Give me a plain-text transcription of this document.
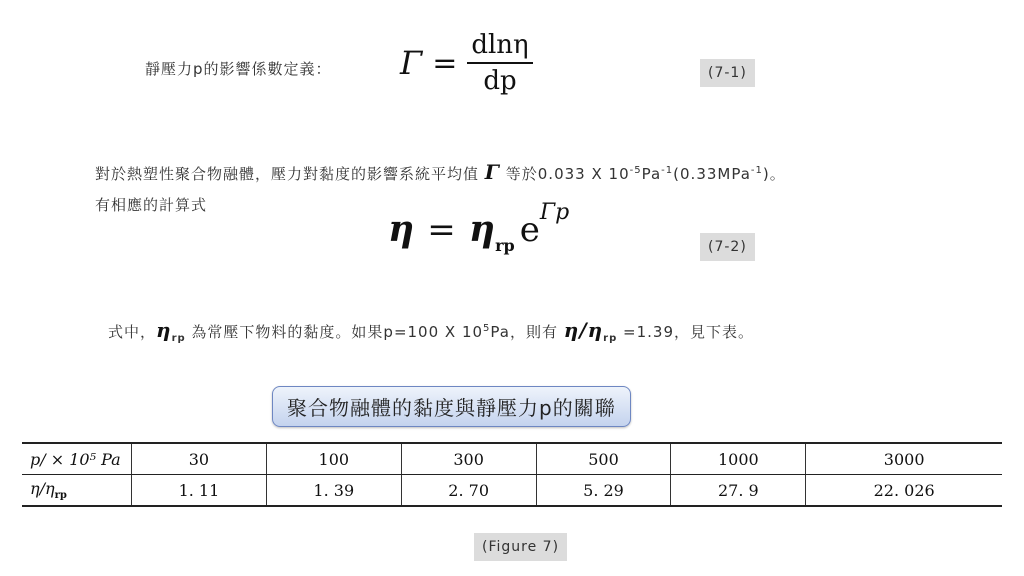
靜壓力p的影響係數定義： $\Gamma = \frac{dln\eta}{dp}$	(7-1)
對於熱塑性聚合物融體，壓力對黏度的影響系統平均值 Γ 等於0.033 X $10^{-5}Pa^{-1}(0.33MPa^{-1})$。
有相應的計算式
η = ηrp eΓp
(7-2)
式中，$\eta_{rp}$ 為常壓下物料的黏度。如果p=100 X $10^5Pa$，則有 $\eta/\eta_{rp} =1.39$，見下表。
聚合物融體的黏度與靜壓力p的關聯
p/ × 10⁵ Pa	30	100	300	500	1000	3000
$\eta/\eta_{rp}$	1. 11	1. 39	2. 70	5. 29	27. 9	22. 026
(Figure 7)
